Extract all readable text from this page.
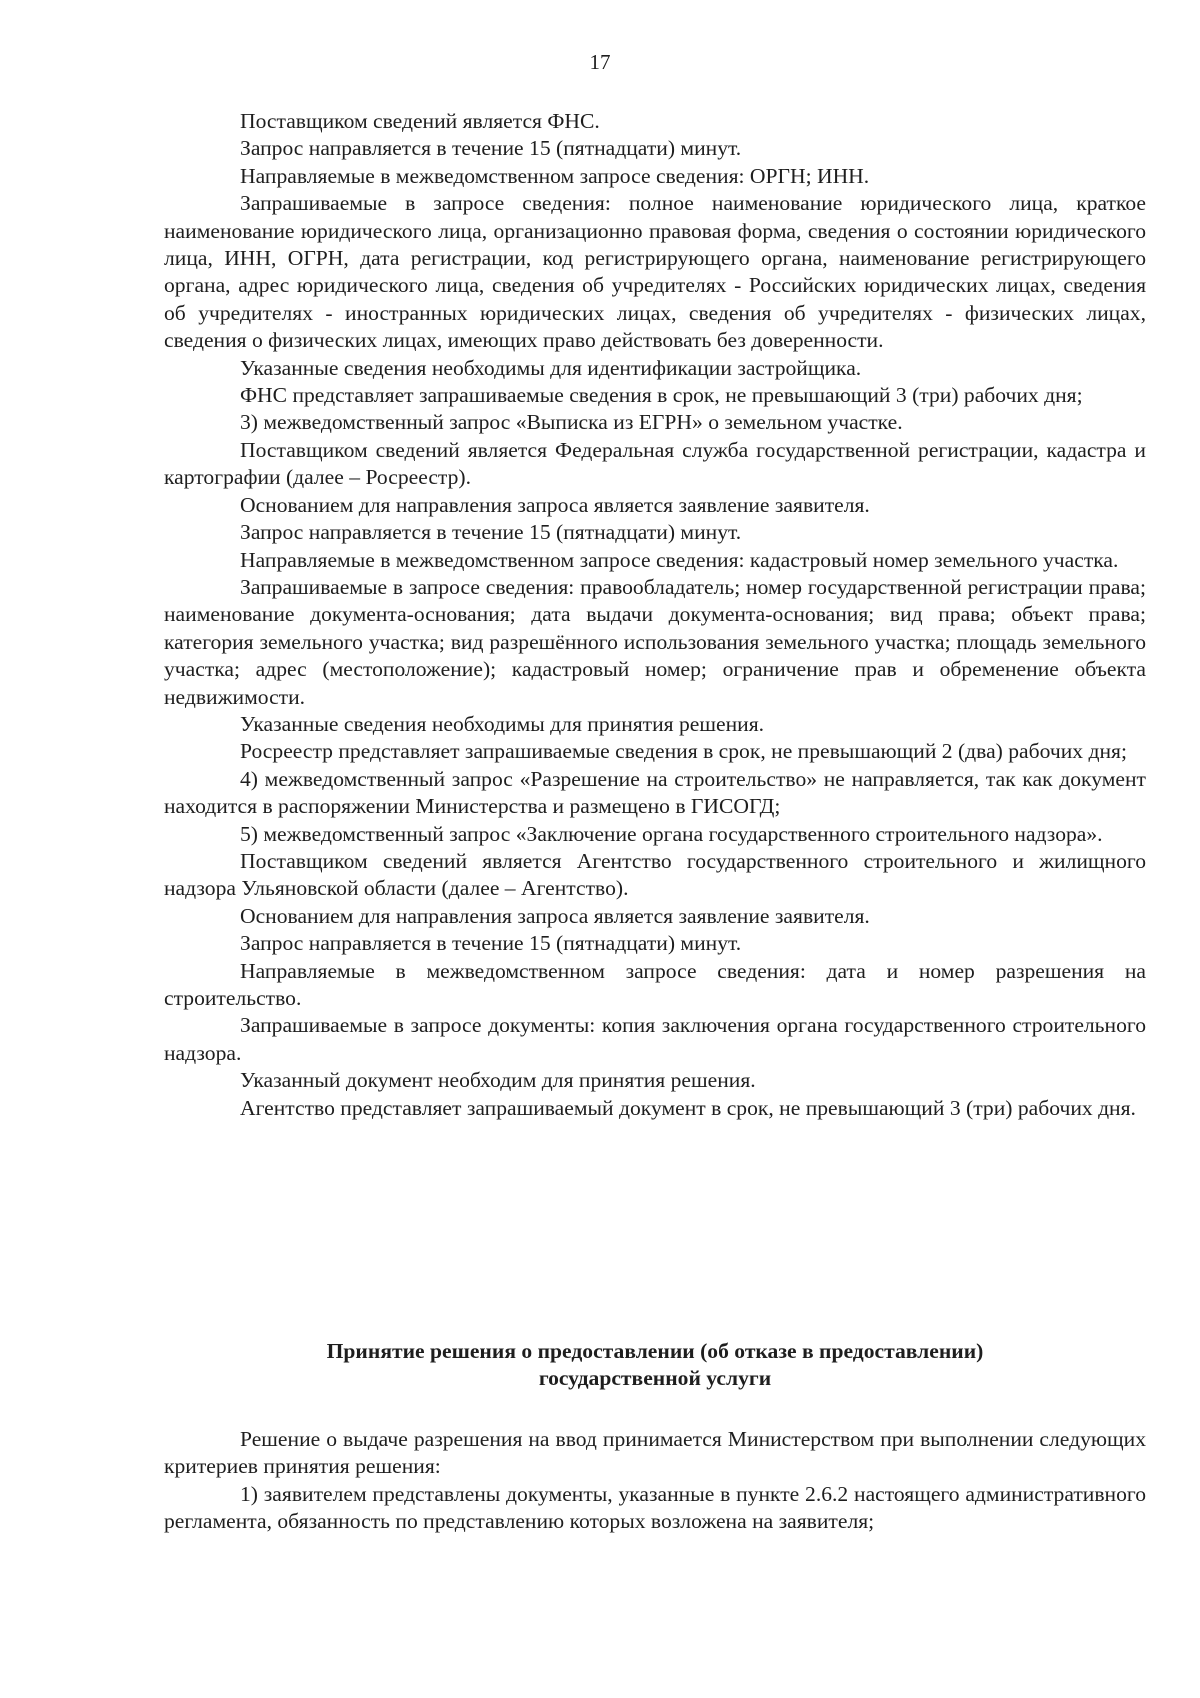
17

Поставщиком сведений является ФНС.

Запрос направляется в течение 15 (пятнадцати) минут.

Направляемые в межведомственном запросе сведения: ОРГН; ИНН.

Запрашиваемые в запросе сведения: полное наименование юридического лица, краткое наименование юридического лица, организационно правовая форма, сведения о состоянии юридического лица, ИНН, ОГРН, дата регистрации, код регистрирующего органа, наименование регистрирующего органа, адрес юридического лица, сведения об учредителях - Российских юридических лицах, сведения об учредителях - иностранных юридических лицах, сведения об учредителях - физических лицах, сведения о физических лицах, имеющих право действовать без доверенности.

Указанные сведения необходимы для идентификации застройщика.

ФНС представляет запрашиваемые сведения в срок, не превышающий 3 (три) рабочих дня;

3) межведомственный запрос «Выписка из ЕГРН» о земельном участке.

Поставщиком сведений является Федеральная служба государственной регистрации, кадастра и картографии (далее – Росреестр).

Основанием для направления запроса является заявление заявителя.

Запрос направляется в течение 15 (пятнадцати) минут.

Направляемые в межведомственном запросе сведения: кадастровый номер земельного участка.

Запрашиваемые в запросе сведения: правообладатель; номер государственной регистрации права; наименование документа-основания; дата выдачи документа-основания; вид права; объект права; категория земельного участка; вид разрешённого использования земельного участка; площадь земельного участка; адрес (местоположение); кадастровый номер; ограничение прав и обременение объекта недвижимости.

Указанные сведения необходимы для принятия решения.

Росреестр представляет запрашиваемые сведения в срок, не превышающий 2 (два) рабочих дня;

4) межведомственный запрос «Разрешение на строительство» не направляется, так как документ находится в распоряжении Министерства и размещено в ГИСОГД;

5) межведомственный запрос «Заключение органа государственного строительного надзора».

Поставщиком сведений является Агентство государственного строительного и жилищного надзора Ульяновской области (далее – Агентство).

Основанием для направления запроса является заявление заявителя.

Запрос направляется в течение 15 (пятнадцати) минут.

Направляемые в межведомственном запросе сведения: дата и номер разрешения на строительство.

Запрашиваемые в запросе документы: копия заключения органа государственного строительного надзора.

Указанный документ необходим для принятия решения.

Агентство представляет запрашиваемый документ в срок, не превышающий 3 (три) рабочих дня.

Принятие решения о предоставлении (об отказе в предоставлении)
государственной услуги

Решение о выдаче разрешения на ввод принимается Министерством при выполнении следующих критериев принятия решения:

1) заявителем представлены документы, указанные в пункте 2.6.2 настоящего административного регламента, обязанность по представлению которых возложена на заявителя;
